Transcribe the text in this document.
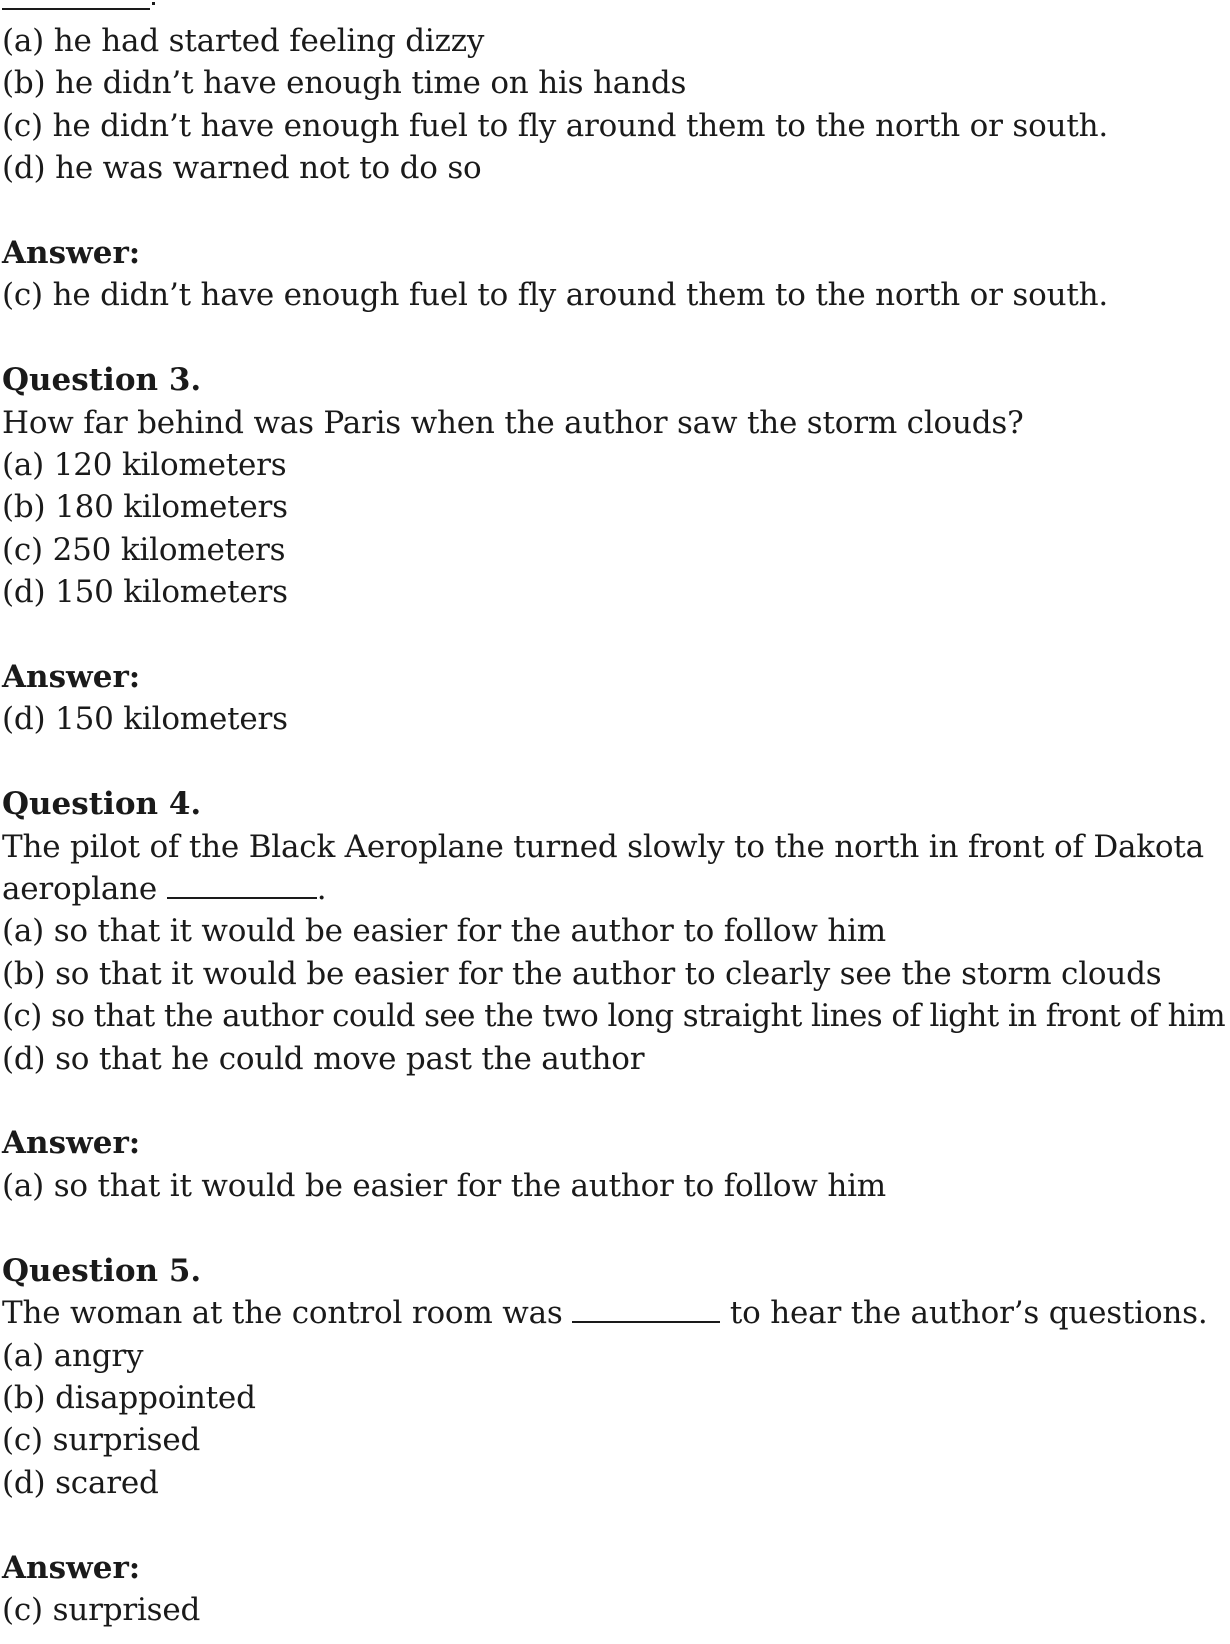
(a) he had started feeling dizzy
(b) he didn’t have enough time on his hands
(c) he didn’t have enough fuel to fly around them to the north or south.
(d) he was warned not to do so
Answer:
(c) he didn’t have enough fuel to fly around them to the north or south.
Question 3.
How far behind was Paris when the author saw the storm clouds?
(a) 120 kilometers
(b) 180 kilometers
(c) 250 kilometers
(d) 150 kilometers
Answer:
(d) 150 kilometers
Question 4.
The pilot of the Black Aeroplane turned slowly to the north in front of Dakota
aeroplane	.
(a) so that it would be easier for the author to follow him
(b) so that it would be easier for the author to clearly see the storm clouds
(c) so that the author could see the two long straight lines of light in front of him
(d) so that he could move past the author
Answer:
(a) so that it would be easier for the author to follow him
Question 5.
The woman at the control room was	to hear the author’s questions.
(a) angry
(b) disappointed
(c) surprised
(d) scared
Answer:
(c) surprised
